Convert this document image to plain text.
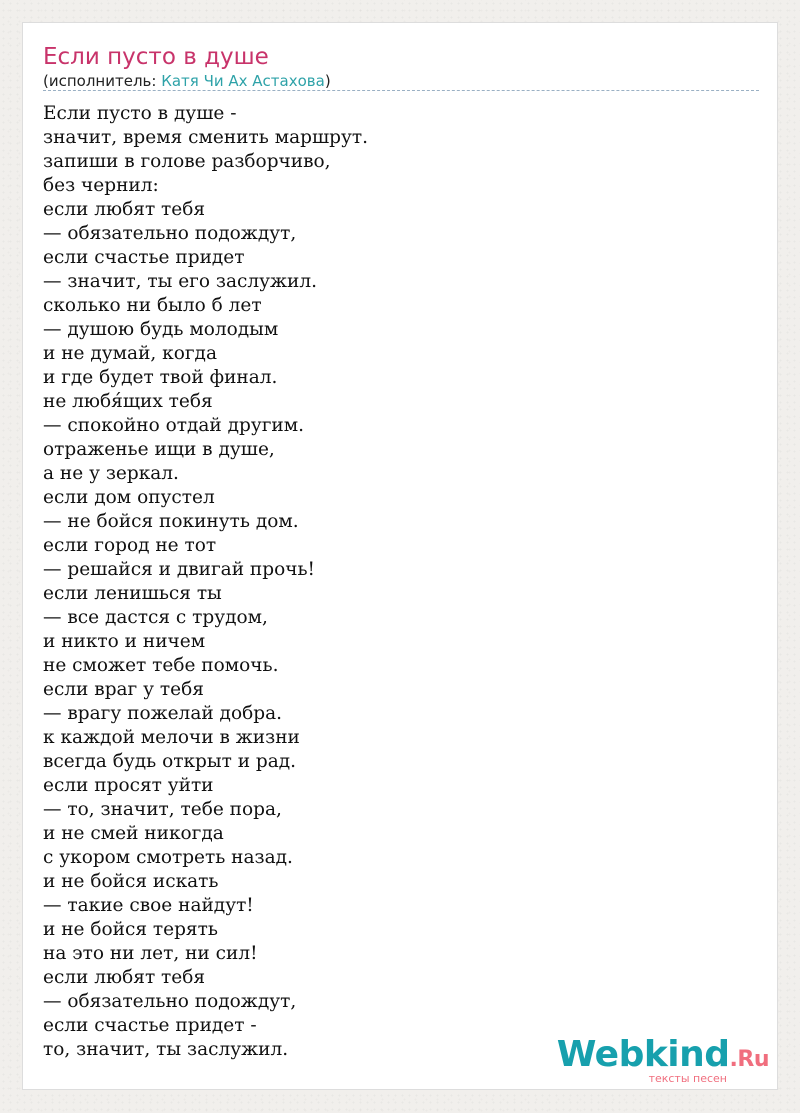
Если пусто в душе
(исполнитель: Катя Чи Ах Астахова)
Если пусто в душе -
значит, время сменить маршрут.
запиши в голове разборчиво,
без чернил:
если любят тебя
— обязательно подождут,
если счастье придет
— значит, ты его заслужил.
сколько ни было б лет
— душою будь молодым
и не думай, когда
и где будет твой финал.
не любя́щих тебя
— спокойно отдай другим.
отраженье ищи в душе,
а не у зеркал.
если дом опустел
— не бойся покинуть дом.
если город не тот
— решайся и двигай прочь!
если ленишься ты
— все дастся с трудом,
и никто и ничем
не сможет тебе помочь.
если враг у тебя
— врагу пожелай добра.
к каждой мелочи в жизни
всегда будь открыт и рад.
если просят уйти
— то, значит, тебе пора,
и не смей никогда
с укором смотреть назад.
и не бойся искать
— такие свое найдут!
и не бойся терять
на это ни лет, ни сил!
если любят тебя
— обязательно подождут,
если счастье придет -
то, значит, ты заслужил.	Webkind.Ru
тексты песен
